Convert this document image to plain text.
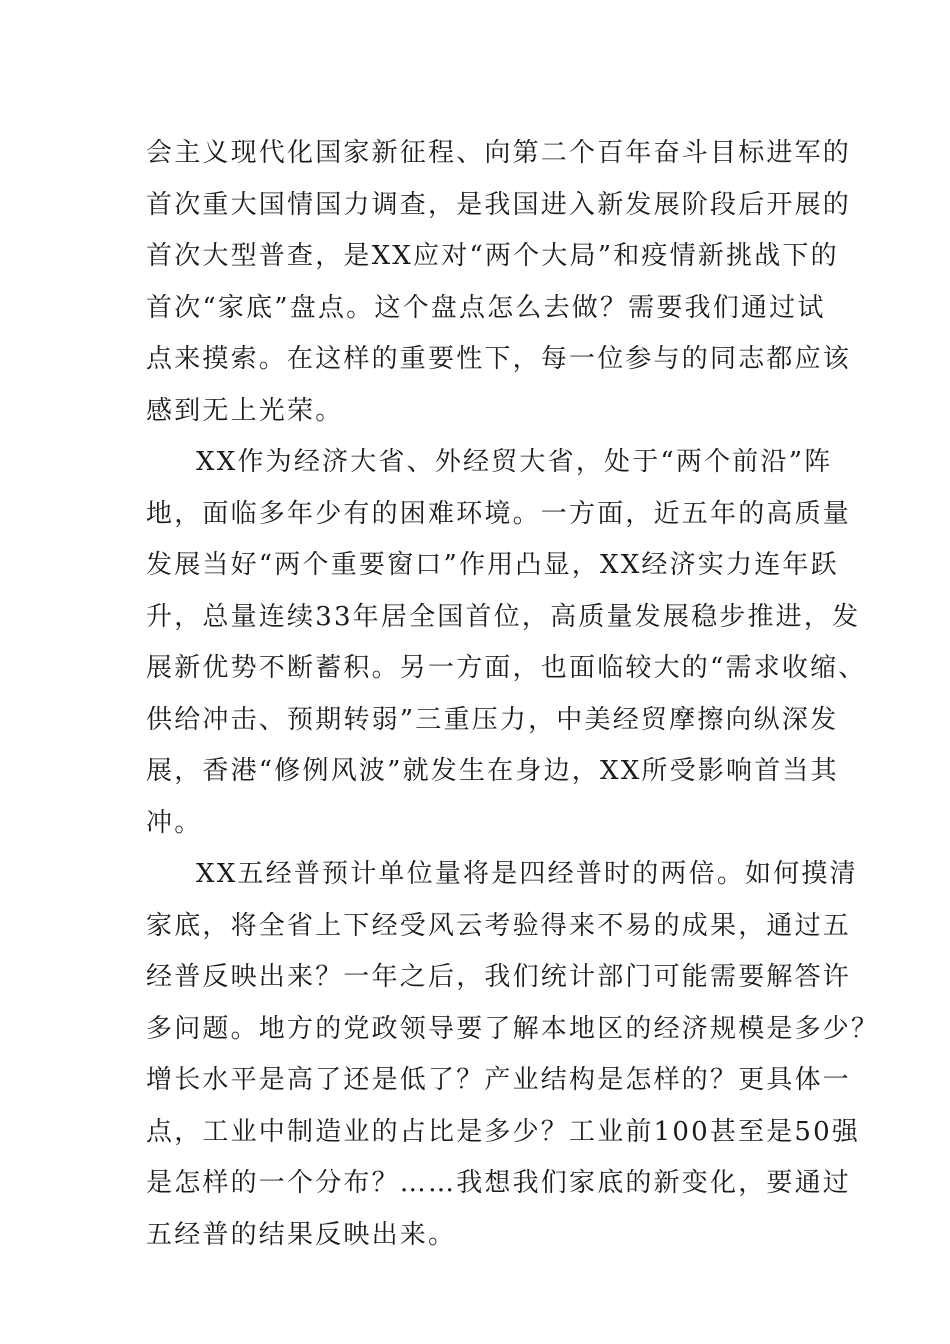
会主义现代化国家新征程、向第二个百年奋斗目标进军的
首次重大国情国力调查，是我国进入新发展阶段后开展的
首次大型普查，是XX应对“两个大局”和疫情新挑战下的
首次“家底”盘点。这个盘点怎么去做？需要我们通过试
点来摸索。在这样的重要性下，每一位参与的同志都应该
感到无上光荣。
XX作为经济大省、外经贸大省，处于“两个前沿”阵
地，面临多年少有的困难环境。一方面，近五年的高质量
发展当好“两个重要窗口”作用凸显，XX经济实力连年跃
升，总量连续33年居全国首位，高质量发展稳步推进，发
展新优势不断蓄积。另一方面，也面临较大的“需求收缩、
供给冲击、预期转弱”三重压力，中美经贸摩擦向纵深发
展，香港“修例风波”就发生在身边，XX所受影响首当其
冲。
XX五经普预计单位量将是四经普时的两倍。如何摸清
家底，将全省上下经受风云考验得来不易的成果，通过五
经普反映出来？一年之后，我们统计部门可能需要解答许
多问题。地方的党政领导要了解本地区的经济规模是多少？
增长水平是高了还是低了？产业结构是怎样的？更具体一
点，工业中制造业的占比是多少？工业前100甚至是50强
是怎样的一个分布？……我想我们家底的新变化，要通过
五经普的结果反映出来。
